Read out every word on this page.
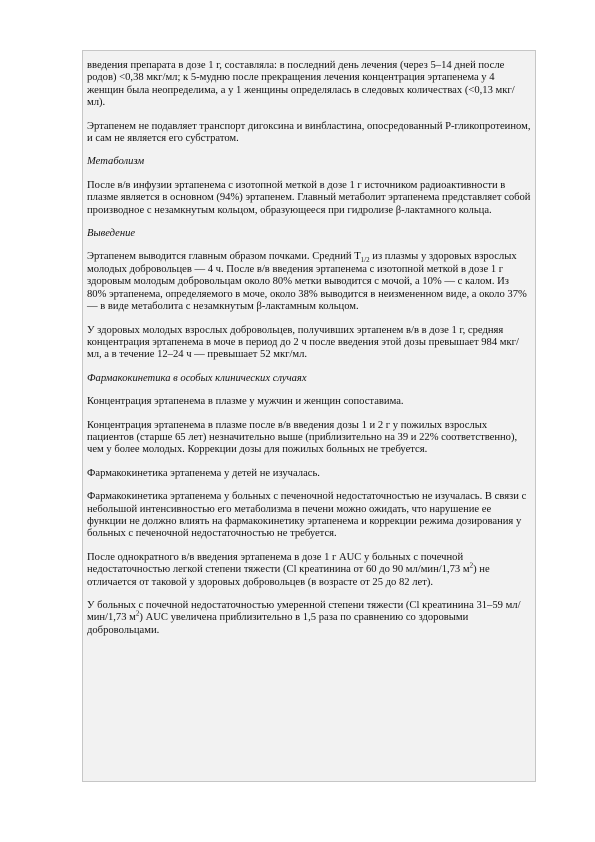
введения препарата в дозе 1 г, составляла: в последний день лечения (через 5–14 дней после родов) <0,38 мкг/мл; к 5-мудню после прекращения лечения концентрация эртапенема у 4 женщин была неопределима, а у 1 женщины определялась в следовых количествах (<0,13 мкг/мл).

Эртапенем не подавляет транспорт дигоксина и винбластина, опосредованный Р-гликопротеином, и сам не является его субстратом.

Метаболизм

После в/в инфузии эртапенема с изотопной меткой в дозе 1 г источником радиоактивности в плазме является в основном (94%) эртапенем. Главный метаболит эртапенема представляет собой производное с незамкнутым кольцом, образующееся при гидролизе β-лактамного кольца.

Выведение

Эртапенем выводится главным образом почками. Средний $T_{1/2}$ из плазмы у здоровых взрослых молодых добровольцев — 4 ч. После в/в введения эртапенема с изотопной меткой в дозе 1 г здоровым молодым добровольцам около 80% метки выводится с мочой, а 10% — с калом. Из 80% эртапенема, определяемого в моче, около 38% выводится в неизмененном виде, а около 37% — в виде метаболита с незамкнутым β-лактамным кольцом.

У здоровых молодых взрослых добровольцев, получивших эртапенем в/в в дозе 1 г, средняя концентрация эртапенема в моче в период до 2 ч после введения этой дозы превышает 984 мкг/мл, а в течение 12–24 ч — превышает 52 мкг/мл.

Фармакокинетика в особых клинических случаях

Концентрация эртапенема в плазме у мужчин и женщин сопоставима.

Концентрация эртапенема в плазме после в/в введения дозы 1 и 2 г у пожилых взрослых пациентов (старше 65 лет) незначительно выше (приблизительно на 39 и 22% соответственно), чем у более молодых. Коррекции дозы для пожилых больных не требуется.

Фармакокинетика эртапенема у детей не изучалась.

Фармакокинетика эртапенема у больных с печеночной недостаточностью не изучалась. В связи с небольшой интенсивностью его метаболизма в печени можно ожидать, что нарушение ее функции не должно влиять на фармакокинетику эртапенема и коррекции режима дозирования у больных с печеночной недостаточностью не требуется.

После однократного в/в введения эртапенема в дозе 1 г AUC у больных с почечной недостаточностью легкой степени тяжести (Cl креатинина от 60 до 90 мл/мин/1,73 $м^2$) не отличается от таковой у здоровых добровольцев (в возрасте от 25 до 82 лет).

У больных с почечной недостаточностью умеренной степени тяжести (Cl креатинина 31–59 мл/мин/1,73 $м^2$) AUC увеличена приблизительно в 1,5 раза по сравнению со здоровыми добровольцами.
